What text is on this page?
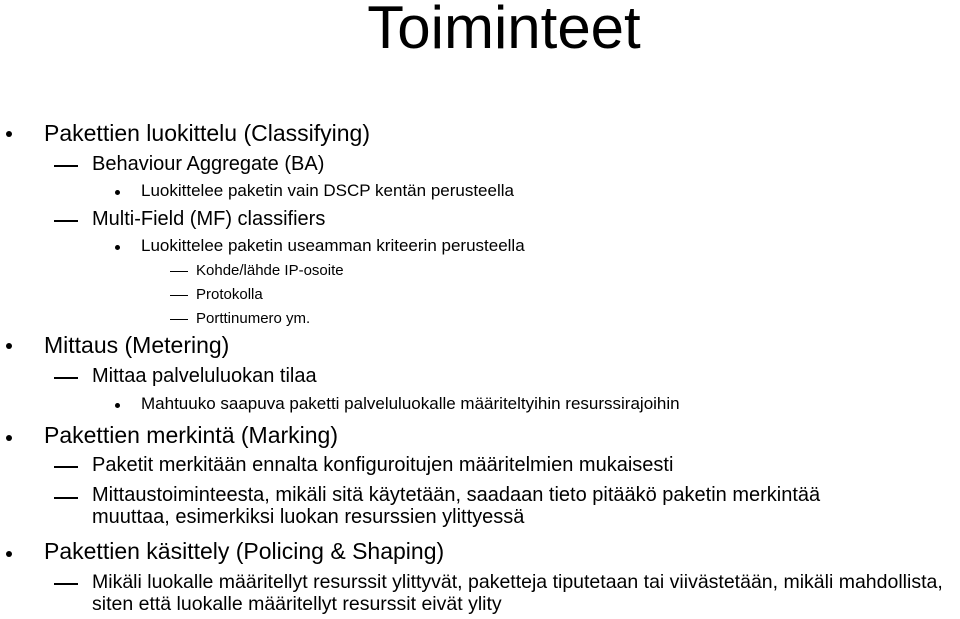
Toiminteet
Pakettien luokittelu (Classifying)
Behaviour Aggregate (BA)
Luokittelee paketin vain DSCP kentän perusteella
Multi-Field (MF) classifiers
Luokittelee paketin useamman kriteerin perusteella
Kohde/lähde IP-osoite
Protokolla
Porttinumero ym.
Mittaus (Metering)
Mittaa palveluluokan tilaa
Mahtuuko saapuva paketti palveluluokalle määriteltyihin resurssirajoihin
Pakettien merkintä (Marking)
Paketit merkitään ennalta konfiguroitujen määritelmien mukaisesti
Mittaustoiminteesta, mikäli sitä käytetään, saadaan tieto pitääkö paketin merkintää muuttaa, esimerkiksi luokan resurssien ylittyessä
Pakettien käsittely (Policing & Shaping)
Mikäli luokalle määritellyt resurssit ylittyvät, paketteja tiputetaan tai viivästetään, mikäli mahdollista, siten että luokalle määritellyt resurssit eivät ylity
